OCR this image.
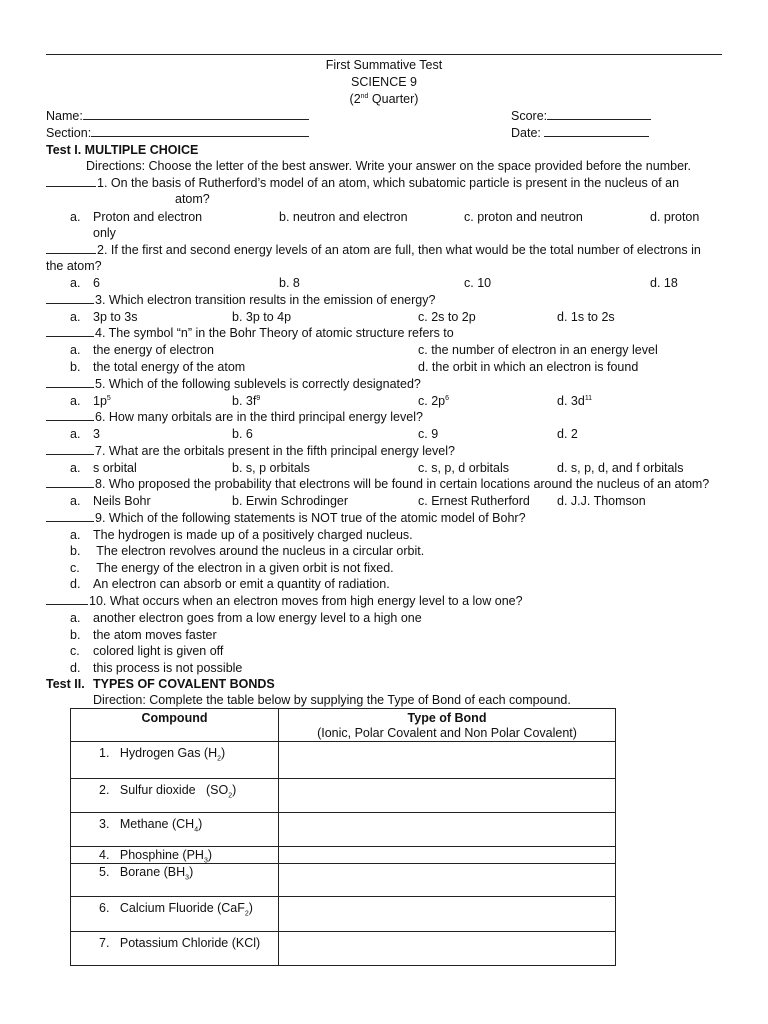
First Summative Test
SCIENCE 9
(2nd Quarter)
Name:	Score:
Section:	Date:
Test I. MULTIPLE CHOICE
Directions: Choose the letter of the best answer. Write your answer on the space provided before the number.
1. On the basis of Rutherford’s model of an atom, which subatomic particle is present in the nucleus of an
atom?
a. Proton and electron	b. neutron and electron	c. proton and neutron	d. proton
only
2. If the first and second energy levels of an atom are full, then what would be the total number of electrons in
the atom?
a. 6	b. 8	c. 10	d. 18
3. Which electron transition results in the emission of energy?
a. 3p to 3s	b. 3p to 4p	c. 2s to 2p	d. 1s to 2s
4. The symbol “n” in the Bohr Theory of atomic structure refers to
a. the energy of electron	c. the number of electron in an energy level
b. the total energy of the atom	d. the orbit in which an electron is found
5. Which of the following sublevels is correctly designated?
a. $1p^5$	b. $3f^9$	c. $2p^6$	d. $3d^{11}$
6. How many orbitals are in the third principal energy level?
a. 3	b. 6	c. 9	d. 2
7. What are the orbitals present in the fifth principal energy level?
a. s orbital	b. s, p orbitals	c. s, p, d orbitals	d. s, p, d, and f orbitals
8. Who proposed the probability that electrons will be found in certain locations around the nucleus of an atom?
a. Neils Bohr	b. Erwin Schrodinger	c. Ernest Rutherford d. J.J. Thomson
9. Which of the following statements is NOT true of the atomic model of Bohr?
a. The hydrogen is made up of a positively charged nucleus.
b. The electron revolves around the nucleus in a circular orbit.
c. The energy of the electron in a given orbit is not fixed.
d. An electron can absorb or emit a quantity of radiation.
10. What occurs when an electron moves from high energy level to a low one?
a. another electron goes from a low energy level to a high one
b. the atom moves faster
c. colored light is given off
d. this process is not possible
Test II. TYPES OF COVALENT BONDS
Direction: Complete the table below by supplying the Type of Bond of each compound.
Compound	Type of Bond
(Ionic, Polar Covalent and Non Polar Covalent)

1. Hydrogen Gas $(H_2)$	

2. Sulfur dioxide   $(SO_2)$	

3. Methane $(CH_4)$	

4. Phosphine $(PH_3)$	

5. Borane $(BH_3)$	

6. Calcium Fluoride (CaF$_2$)	

7. Potassium Chloride (KCl)	
